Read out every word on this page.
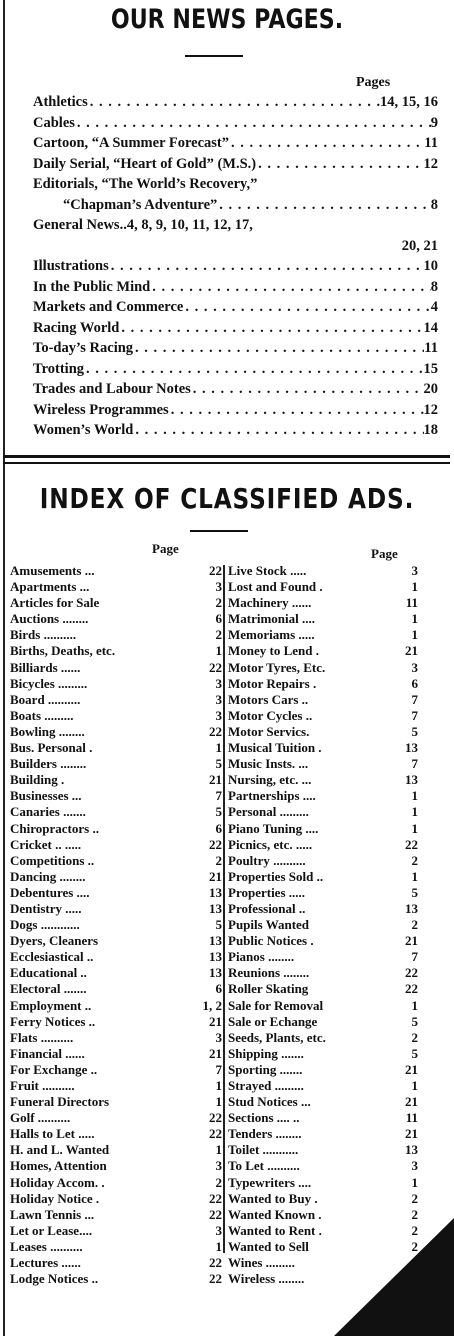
OUR NEWS PAGES.
Pages
Athletics . . .	14, 15, 16
Cables . . .	9
Cartoon, “A Summer Forecast” . . .	11
Daily Serial, “Heart of Gold” (M.S.) . . .	12
Editorials, “The World’s Recovery,”
“Chapman’s Adventure” . . .	8
General News..4, 8, 9, 10, 11, 12, 17,
20, 21
Illustrations . . .	10
In the Public Mind . . .	8
Markets and Commerce . . .	4
Racing World . . .	14
To-day’s Racing . . .	11
Trotting . . .	15
Trades and Labour Notes . . .	20
Wireless Programmes . . .	12
Women’s World . . .	18
INDEX OF CLASSIFIED ADS.
Page	Page
Amusements ...	22
Apartments ...	3
Articles for Sale	2
Auctions ........	6
Birds ..........	2
Births, Deaths, etc.	1
Billiards ......	22
Bicycles .........	3
Board ..........	3
Boats .........	3
Bowling ........	22
Bus. Personal .	1
Builders ........	5
Building .	21
Businesses ...	7
Canaries .......	5
Chiropractors ..	6
Cricket .. .....	22
Competitions ..	2
Dancing ........	21
Debentures ....	13
Dentistry .....	13
Dogs ............	5
Dyers, Cleaners	13
Ecclesiastical ..	13
Educational ..	13
Electoral .......	6
Employment ..	1, 2
Ferry Notices ..	21
Flats ..........	3
Financial ......	21
For Exchange ..	7
Fruit ..........	1
Funeral Directors	1
Golf ..........	22
Halls to Let .....	22
H. and L. Wanted	1
Homes, Attention	3
Holiday Accom. .	2
Holiday Notice .	22
Lawn Tennis ...	22
Let or Lease....	3
Leases ..........	1
Lectures ......	22
Lodge Notices ..	22
Live Stock .....	3
Lost and Found .	1
Machinery ......	11
Matrimonial ....	1
Memoriams .....	1
Money to Lend .	21
Motor Tyres, Etc.	3
Motor Repairs .	6
Motors Cars ..	7
Motor Cycles ..	7
Motor Servics.	5
Musical Tuition .	13
Music Insts. ...	7
Nursing, etc. ...	13
Partnerships ....	1
Personal .........	1
Piano Tuning ....	1
Picnics, etc. .....	22
Poultry ..........	2
Properties Sold ..	1
Properties .....	5
Professional ..	13
Pupils Wanted	2
Public Notices .	21
Pianos ........	7
Reunions ........	22
Roller Skating	22
Sale for Removal	1
Sale or Echange	5
Seeds, Plants, etc.	2
Shipping .......	5
Sporting .......	21
Strayed .........	1
Stud Notices ...	21
Sections .... ..	11
Tenders ........	21
Toilet ...........	13
To Let ..........	3
Typewriters ....	1
Wanted to Buy .	2
Wanted Known .	2
Wanted to Rent .	2
Wanted to Sell	2
Wines .........	2
Wireless ........	2
